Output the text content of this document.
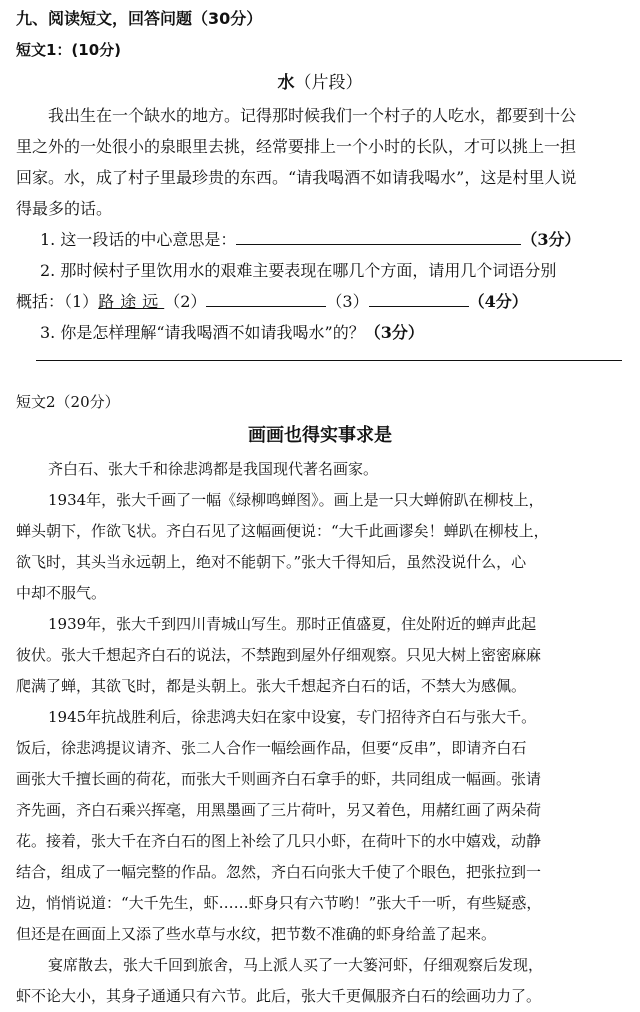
九、阅读短文，回答问题（30分）
短文1：(10分)
水（片段）
我出生在一个缺水的地方。记得那时候我们一个村子的人吃水，都要到十公
里之外的一处很小的泉眼里去挑，经常要排上一个小时的长队，才可以挑上一担
回家。水，成了村子里最珍贵的东西。“请我喝酒不如请我喝水”，这是村里人说
得最多的话。
1. 这一段话的中心意思是：	（3分）
2. 那时候村子里饮用水的艰难主要表现在哪几个方面，请用几个词语分别
概括：（1）路途远（2）	（3）	（4分）
3. 你是怎样理解“请我喝酒不如请我喝水”的？（3分）
短文2（20分）
画画也得实事求是
齐白石、张大千和徐悲鸿都是我国现代著名画家。
1934年，张大千画了一幅《绿柳鸣蝉图》。画上是一只大蝉俯趴在柳枝上，
蝉头朝下，作欲飞状。齐白石见了这幅画便说：“大千此画谬矣！蝉趴在柳枝上，
欲飞时，其头当永远朝上，绝对不能朝下。”张大千得知后，虽然没说什么，心
中却不服气。
1939年，张大千到四川青城山写生。那时正值盛夏，住处附近的蝉声此起
彼伏。张大千想起齐白石的说法，不禁跑到屋外仔细观察。只见大树上密密麻麻
爬满了蝉，其欲飞时，都是头朝上。张大千想起齐白石的话，不禁大为感佩。
1945年抗战胜利后，徐悲鸿夫妇在家中设宴，专门招待齐白石与张大千。
饭后，徐悲鸿提议请齐、张二人合作一幅绘画作品，但要“反串”，即请齐白石
画张大千擅长画的荷花，而张大千则画齐白石拿手的虾，共同组成一幅画。张请
齐先画，齐白石乘兴挥毫，用黑墨画了三片荷叶，另又着色，用赭红画了两朵荷
花。接着，张大千在齐白石的图上补绘了几只小虾，在荷叶下的水中嬉戏，动静
结合，组成了一幅完整的作品。忽然，齐白石向张大千使了个眼色，把张拉到一
边，悄悄说道：“大千先生，虾……虾身只有六节哟！”张大千一听，有些疑惑，
但还是在画面上又添了些水草与水纹，把节数不准确的虾身给盖了起来。
宴席散去，张大千回到旅舍，马上派人买了一大篓河虾，仔细观察后发现，
虾不论大小，其身子通通只有六节。此后，张大千更佩服齐白石的绘画功力了。
